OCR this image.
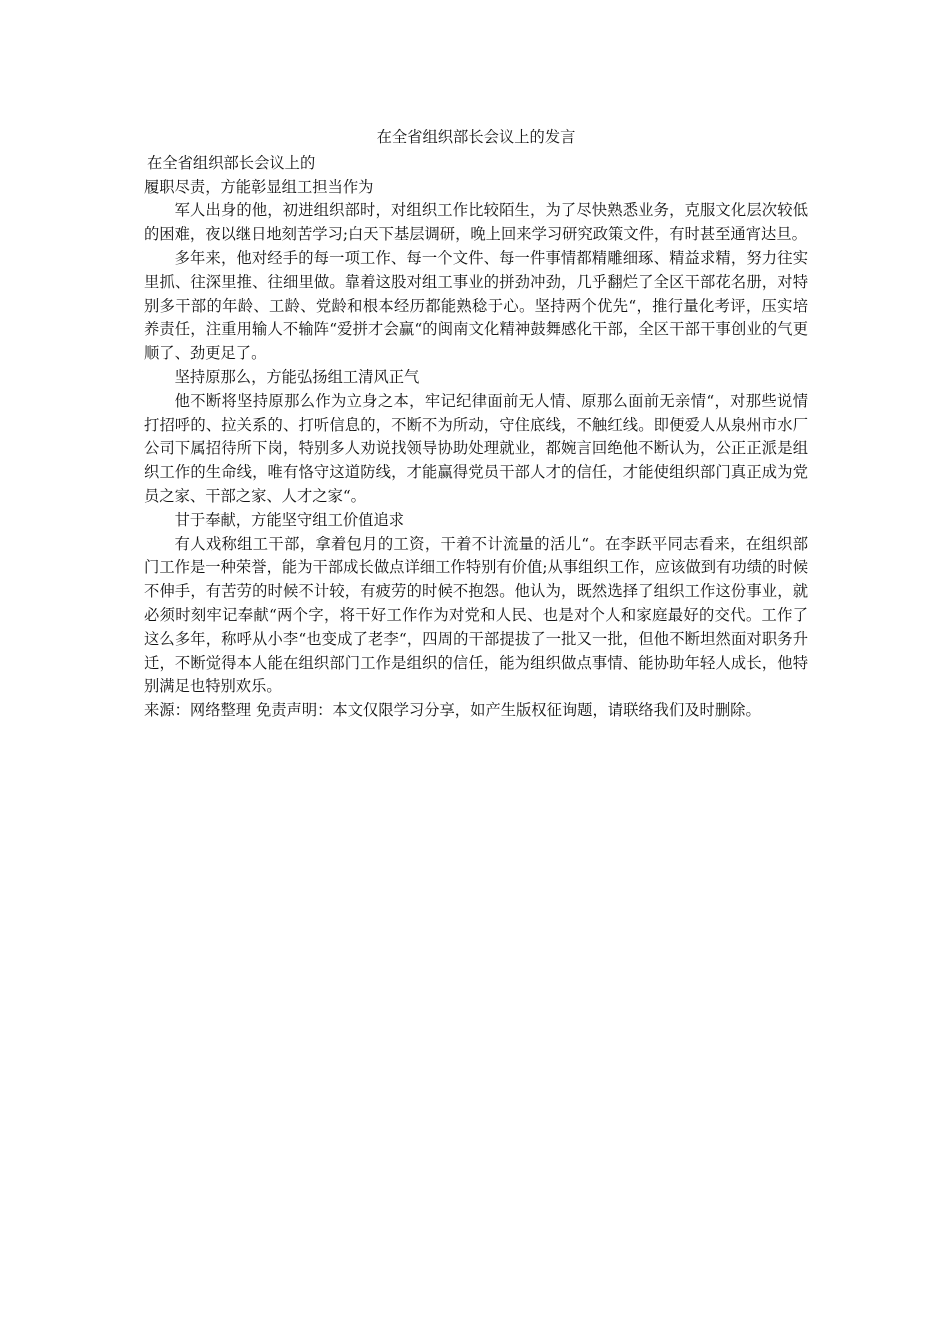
在全省组织部长会议上的发言

在全省组织部长会议上的

履职尽责，方能彰显组工担当作为

军人出身的他，初进组织部时，对组织工作比较陌生，为了尽快熟悉业务，克服文化层次较低的困难，夜以继日地刻苦学习;白天下基层调研，晚上回来学习研究政策文件，有时甚至通宵达旦。

多年来，他对经手的每一项工作、每一个文件、每一件事情都精雕细琢、精益求精，努力往实里抓、往深里推、往细里做。靠着这股对组工事业的拼劲冲劲，几乎翻烂了全区干部花名册，对特别多干部的年龄、工龄、党龄和根本经历都能熟稔于心。坚持两个优先“，推行量化考评，压实培养责任，注重用输人不输阵“爱拼才会赢“的闽南文化精神鼓舞感化干部，全区干部干事创业的气更顺了、劲更足了。

坚持原那么，方能弘扬组工清风正气

他不断将坚持原那么作为立身之本，牢记纪律面前无人情、原那么面前无亲情“，对那些说情打招呼的、拉关系的、打听信息的，不断不为所动，守住底线，不触红线。即便爱人从泉州市水厂公司下属招待所下岗，特别多人劝说找领导协助处理就业，都婉言回绝他不断认为，公正正派是组织工作的生命线，唯有恪守这道防线，才能赢得党员干部人才的信任，才能使组织部门真正成为党员之家、干部之家、人才之家“。

甘于奉献，方能坚守组工价值追求

有人戏称组工干部，拿着包月的工资，干着不计流量的活儿“。在李跃平同志看来，在组织部门工作是一种荣誉，能为干部成长做点详细工作特别有价值;从事组织工作，应该做到有功绩的时候不伸手，有苦劳的时候不计较，有疲劳的时候不抱怨。他认为，既然选择了组织工作这份事业，就必须时刻牢记奉献“两个字，将干好工作作为对党和人民、也是对个人和家庭最好的交代。工作了这么多年，称呼从小李“也变成了老李“，四周的干部提拔了一批又一批，但他不断坦然面对职务升迁，不断觉得本人能在组织部门工作是组织的信任，能为组织做点事情、能协助年轻人成长，他特别满足也特别欢乐。

来源：网络整理 免责声明：本文仅限学习分享，如产生版权征询题，请联络我们及时删除。
